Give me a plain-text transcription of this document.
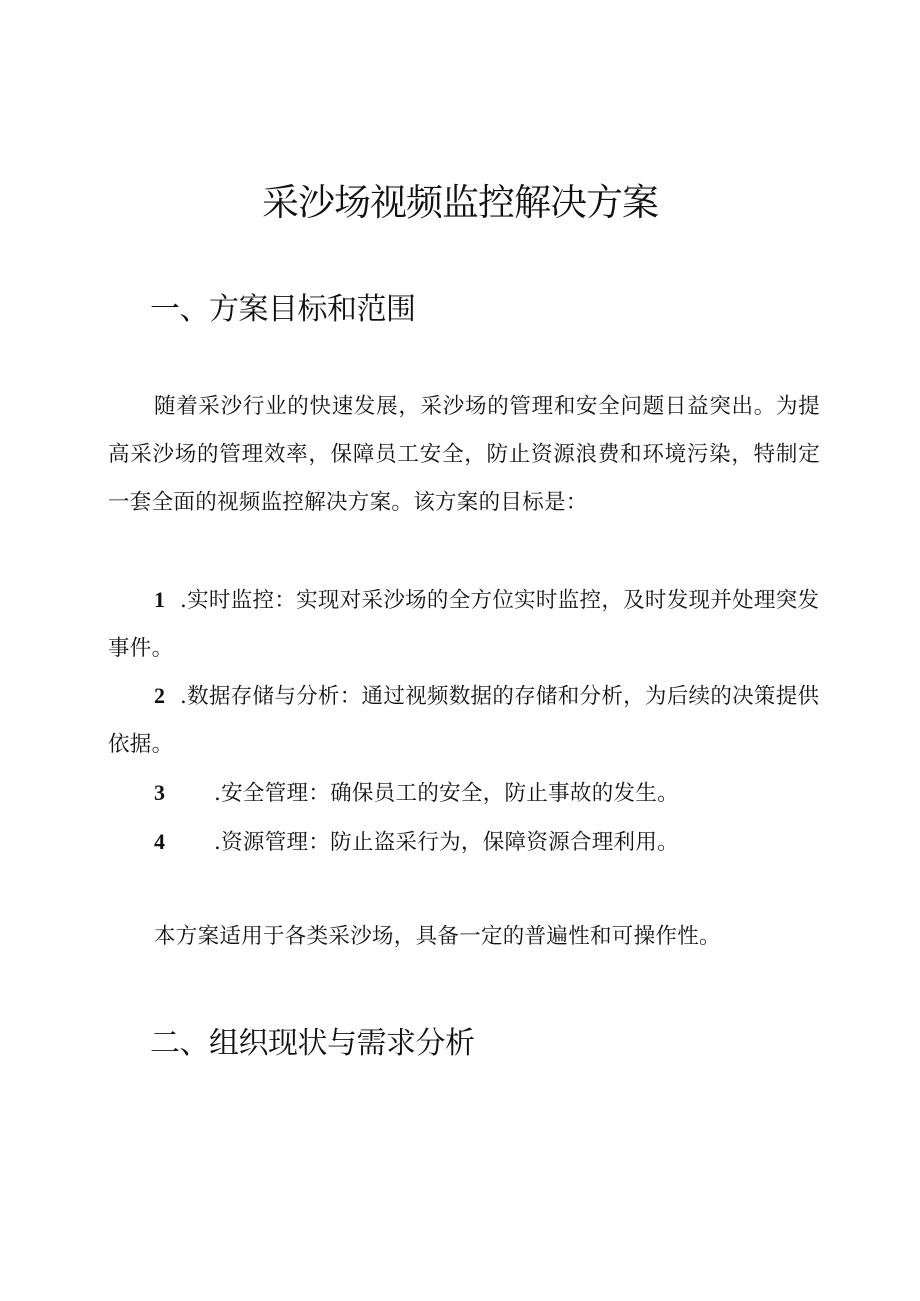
采沙场视频监控解决方案
一、方案目标和范围

随着采沙行业的快速发展，采沙场的管理和安全问题日益突出。为提高采沙场的管理效率，保障员工安全，防止资源浪费和环境污染，特制定一套全面的视频监控解决方案。该方案的目标是：

1 .实时监控：实现对采沙场的全方位实时监控，及时发现并处理突发事件。

2 .数据存储与分析：通过视频数据的存储和分析，为后续的决策提供依据。

3 .安全管理：确保员工的安全，防止事故的发生。

4 .资源管理：防止盗采行为，保障资源合理利用。

本方案适用于各类采沙场，具备一定的普遍性和可操作性。

二、组织现状与需求分析
